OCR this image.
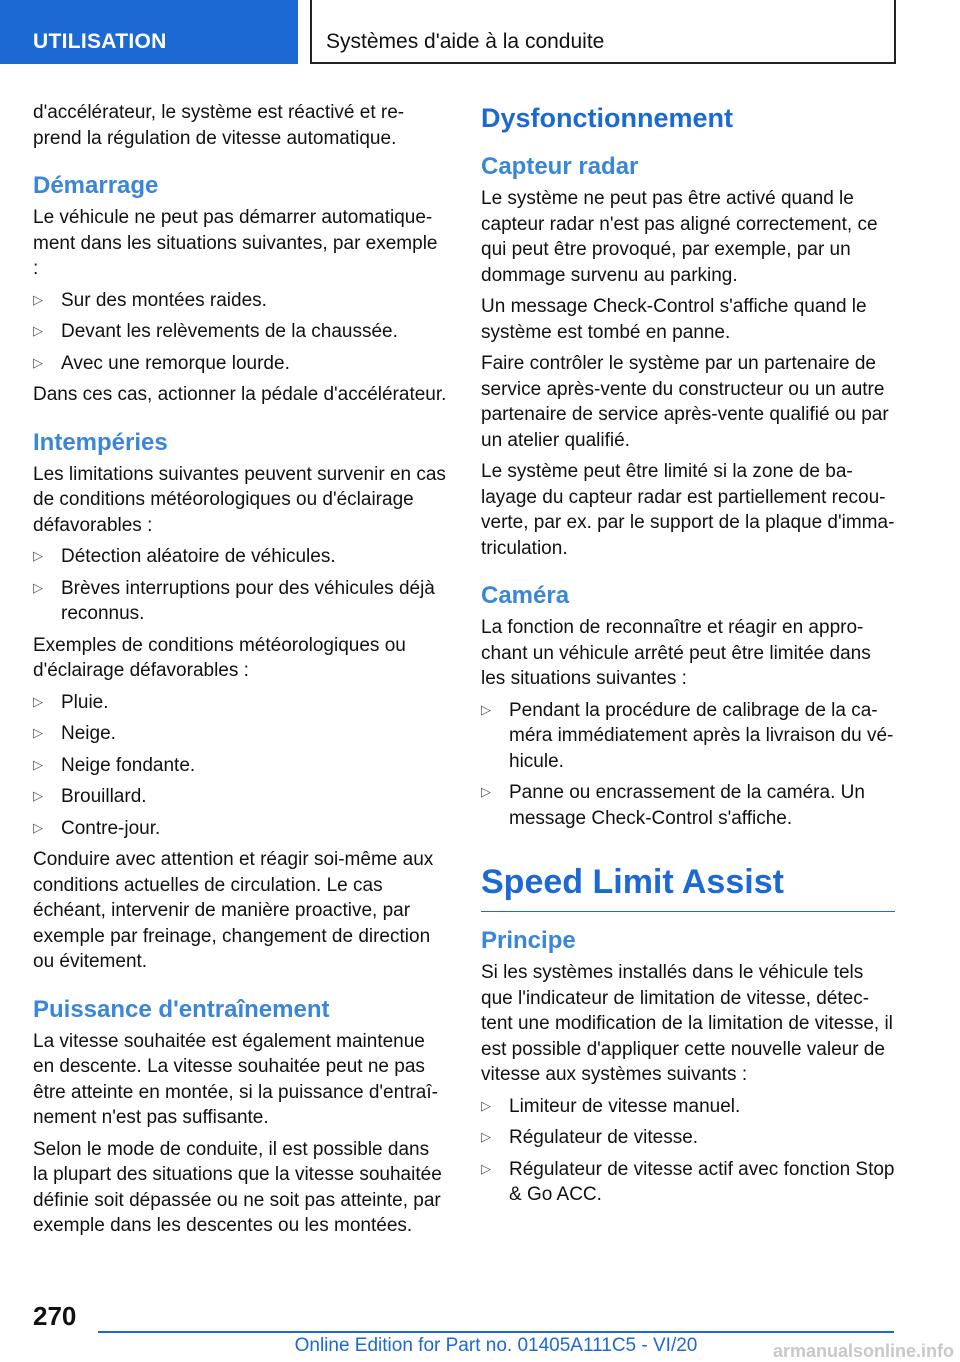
UTILISATION	Systèmes d'aide à la conduite

d'accélérateur, le système est réactivé et re-prend la régulation de vitesse automatique.

Démarrage

Le véhicule ne peut pas démarrer automatique-ment dans les situations suivantes, par exemple :

▷ Sur des montées raides.
▷ Devant les relèvements de la chaussée.
▷ Avec une remorque lourde.

Dans ces cas, actionner la pédale d'accélérateur.

Intempéries

Les limitations suivantes peuvent survenir en cas de conditions météorologiques ou d'éclairage défavorables :

▷ Détection aléatoire de véhicules.
▷ Brèves interruptions pour des véhicules déjà reconnus.

Exemples de conditions météorologiques ou d'éclairage défavorables :

▷ Pluie.
▷ Neige.
▷ Neige fondante.
▷ Brouillard.
▷ Contre-jour.

Conduire avec attention et réagir soi-même aux conditions actuelles de circulation. Le cas échéant, intervenir de manière proactive, par exemple par freinage, changement de direction ou évitement.

Puissance d'entraînement

La vitesse souhaitée est également maintenue en descente. La vitesse souhaitée peut ne pas être atteinte en montée, si la puissance d'entraî-nement n'est pas suffisante.

Selon le mode de conduite, il est possible dans la plupart des situations que la vitesse souhaitée définie soit dépassée ou ne soit pas atteinte, par exemple dans les descentes ou les montées.

Dysfonctionnement
Capteur radar

Le système ne peut pas être activé quand le capteur radar n'est pas aligné correctement, ce qui peut être provoqué, par exemple, par un dommage survenu au parking.

Un message Check-Control s'affiche quand le système est tombé en panne.

Faire contrôler le système par un partenaire de service après-vente du constructeur ou un autre partenaire de service après-vente qualifié ou par un atelier qualifié.

Le système peut être limité si la zone de ba-layage du capteur radar est partiellement recou-verte, par ex. par le support de la plaque d'imma-triculation.

Caméra

La fonction de reconnaître et réagir en appro-chant un véhicule arrêté peut être limitée dans les situations suivantes :

▷ Pendant la procédure de calibrage de la ca-méra immédiatement après la livraison du vé-hicule.
▷ Panne ou encrassement de la caméra. Un message Check-Control s'affiche.
Speed Limit Assist
Principe

Si les systèmes installés dans le véhicule tels que l'indicateur de limitation de vitesse, détec-tent une modification de la limitation de vitesse, il est possible d'appliquer cette nouvelle valeur de vitesse aux systèmes suivants :

▷ Limiteur de vitesse manuel.
▷ Régulateur de vitesse.
▷ Régulateur de vitesse actif avec fonction Stop & Go ACC.
270
Online Edition for Part no. 01405A111C5 - VI/20	armanualsonline.info
